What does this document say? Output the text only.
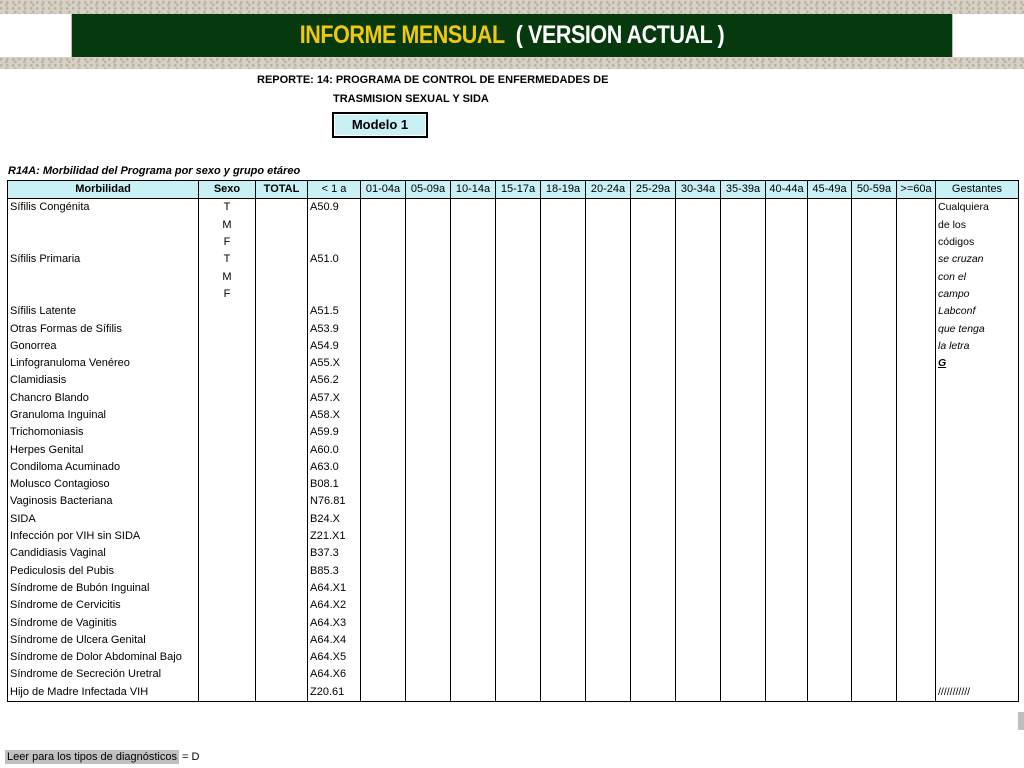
INFORME MENSUAL ( VERSION ACTUAL )
REPORTE: 14: PROGRAMA DE CONTROL DE ENFERMEDADES DE
TRASMISION SEXUAL Y SIDA
Modelo 1
R14A: Morbilidad del Programa por sexo y grupo etáreo
Morbilidad	Sexo	TOTAL	< 1 a	01-04a	05-09a	10-14a	15-17a	18-19a	20-24a	25-29a	30-34a	35-39a	40-44a	45-49a	50-59a	>=60a	Gestantes
Sífilis Congénita	T		A50.9														Cualquiera
	M																de los
	F																códigos
Sífilis Primaria	T		A51.0														se cruzan
	M																con el
	F																campo
Sífilis Latente			A51.5														Labconf
Otras Formas de Sífilis			A53.9														que tenga
Gonorrea			A54.9														la letra
Linfogranuloma Venéreo			A55.X														G
Clamidiasis			A56.2														
Chancro Blando			A57.X														
Granuloma Inguinal			A58.X														
Trichomoniasis			A59.9														
Herpes Genital			A60.0														
Condiloma Acuminado			A63.0														
Molusco Contagioso			B08.1														
Vaginosis Bacteriana			N76.81														
SIDA			B24.X														
Infección por VIH sin SIDA			Z21.X1														
Candidiasis Vaginal			B37.3														
Pediculosis del Pubis			B85.3														
Síndrome de Bubón Inguinal			A64.X1														
Síndrome de Cervicitis			A64.X2														
Síndrome de Vaginitis			A64.X3														
Síndrome de Ulcera Genital			A64.X4														
Síndrome de Dolor Abdominal Bajo			A64.X5														
Síndrome de Secreción Uretral			A64.X6														
Hijo de Madre Infectada VIH			Z20.61														///////////
Leer para los tipos de diagnósticos = D
